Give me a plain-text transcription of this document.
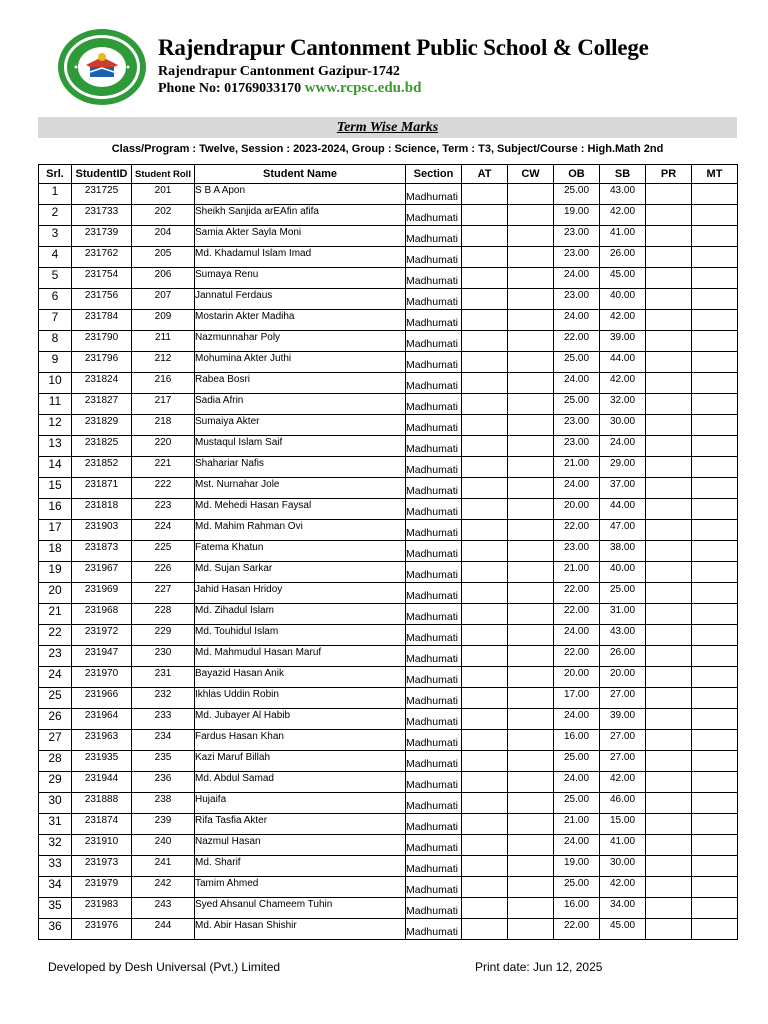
Rajendrapur Cantonment Public School & College
Rajendrapur Cantonment Gazipur-1742
Phone No: 01769033170 www.rcpsc.edu.bd
Term Wise Marks
Class/Program : Twelve, Session : 2023-2024, Group : Science, Term : T3, Subject/Course : High.Math 2nd
Srl.	StudentID	Student Roll	Student Name	Section	AT	CW	OB	SB	PR	MT
1	231725	201	S B A Apon	Madhumati			25.00	43.00		
2	231733	202	Sheikh Sanjida arEAfin afifa	Madhumati			19.00	42.00		
3	231739	204	Samia Akter Sayla Moni	Madhumati			23.00	41.00		
4	231762	205	Md. Khadamul Islam Imad	Madhumati			23.00	26.00		
5	231754	206	Sumaya Renu	Madhumati			24.00	45.00		
6	231756	207	Jannatul Ferdaus	Madhumati			23.00	40.00		
7	231784	209	Mostarin Akter Madiha	Madhumati			24.00	42.00		
8	231790	211	Nazmunnahar Poly	Madhumati			22.00	39.00		
9	231796	212	Mohumina Akter Juthi	Madhumati			25.00	44.00		
10	231824	216	Rabea Bosri	Madhumati			24.00	42.00		
11	231827	217	Sadia Afrin	Madhumati			25.00	32.00		
12	231829	218	Sumaiya Akter	Madhumati			23.00	30.00		
13	231825	220	Mustaqul Islam Saif	Madhumati			23.00	24.00		
14	231852	221	Shahariar Nafis	Madhumati			21.00	29.00		
15	231871	222	Mst. Nurnahar Jole	Madhumati			24.00	37.00		
16	231818	223	Md. Mehedi Hasan Faysal	Madhumati			20.00	44.00		
17	231903	224	Md. Mahim Rahman Ovi	Madhumati			22.00	47.00		
18	231873	225	Fatema Khatun	Madhumati			23.00	38.00		
19	231967	226	Md. Sujan Sarkar	Madhumati			21.00	40.00		
20	231969	227	Jahid Hasan Hridoy	Madhumati			22.00	25.00		
21	231968	228	Md. Zihadul Islam	Madhumati			22.00	31.00		
22	231972	229	Md. Touhidul Islam	Madhumati			24.00	43.00		
23	231947	230	Md. Mahmudul Hasan Maruf	Madhumati			22.00	26.00		
24	231970	231	Bayazid Hasan Anik	Madhumati			20.00	20.00		
25	231966	232	Ikhlas Uddin Robin	Madhumati			17.00	27.00		
26	231964	233	Md. Jubayer Al Habib	Madhumati			24.00	39.00		
27	231963	234	Fardus Hasan Khan	Madhumati			16.00	27.00		
28	231935	235	Kazi Maruf Billah	Madhumati			25.00	27.00		
29	231944	236	Md. Abdul Samad	Madhumati			24.00	42.00		
30	231888	238	Hujaifa	Madhumati			25.00	46.00		
31	231874	239	Rifa Tasfia Akter	Madhumati			21.00	15.00		
32	231910	240	Nazmul Hasan	Madhumati			24.00	41.00		
33	231973	241	Md. Sharif	Madhumati			19.00	30.00		
34	231979	242	Tamim Ahmed	Madhumati			25.00	42.00		
35	231983	243	Syed Ahsanul Chameem Tuhin	Madhumati			16.00	34.00		
36	231976	244	Md. Abir Hasan Shishir	Madhumati			22.00	45.00		
Developed by Desh Universal (Pvt.) Limited	Print date: Jun 12, 2025
